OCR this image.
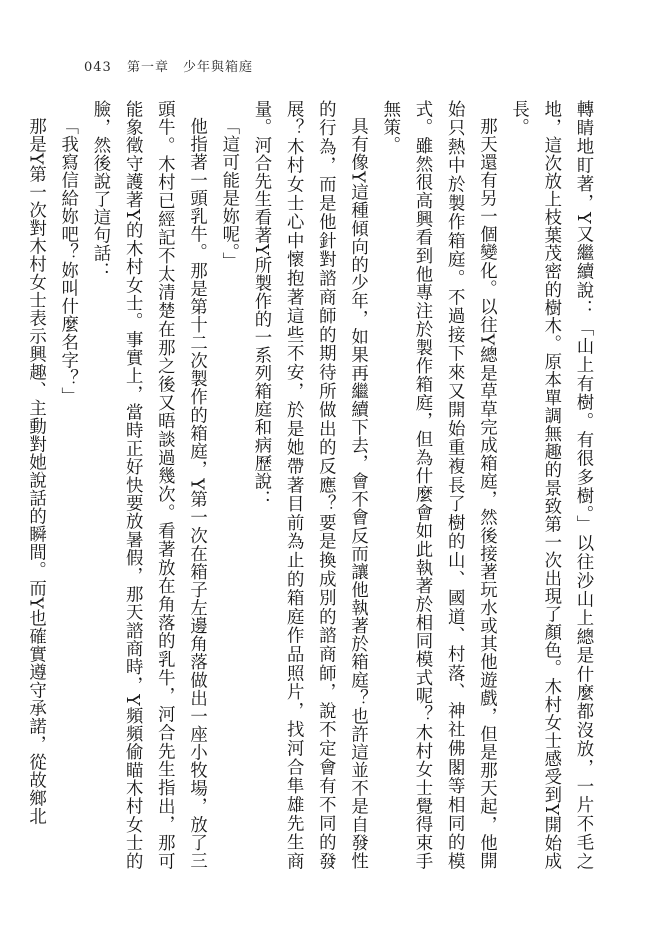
043 第一章　少年與箱庭

轉睛地盯著，Y又繼續說：「山上有樹。有很多樹。」以往沙山上總是什麼都沒放，一片不毛之地，這次放上枝葉茂密的樹木。原本單調無趣的景致第一次出現了顏色。木村女士感受到Y開始成長。

那天還有另一個變化。以往Y總是草草完成箱庭，然後接著玩水或其他遊戲，但是那天起，他開始只熱中於製作箱庭。不過接下來又開始重複長了樹的山、國道、村落、神社佛閣等相同的模式。雖然很高興看到他專注於製作箱庭，但為什麼會如此執著於相同模式呢？木村女士覺得束手無策。

具有像Y這種傾向的少年，如果再繼續下去，會不會反而讓他執著於箱庭？也許這並不是自發性的行為，而是他針對諮商師的期待所做出的反應？要是換成別的諮商師，說不定會有不同的發展？木村女士心中懷抱著這些不安，於是她帶著目前為止的箱庭作品照片，找河合隼雄先生商量。河合先生看著Y所製作的一系列箱庭和病歷說：

「這可能是妳呢。」

他指著一頭乳牛。那是第十二次製作的箱庭，Y第一次在箱子左邊角落做出一座小牧場，放了三頭牛。木村已經記不太清楚在那之後又晤談過幾次。看著放在角落的乳牛，河合先生指出，那可能象徵守護著Y的木村女士。事實上，當時正好快要放暑假，那天諮商時，Y頻頻偷瞄木村女士的臉，然後說了這句話：

「我寫信給妳吧？妳叫什麼名字？」

那是Y第一次對木村女士表示興趣、主動對她說話的瞬間。而Y也確實遵守承諾，從故鄉北
